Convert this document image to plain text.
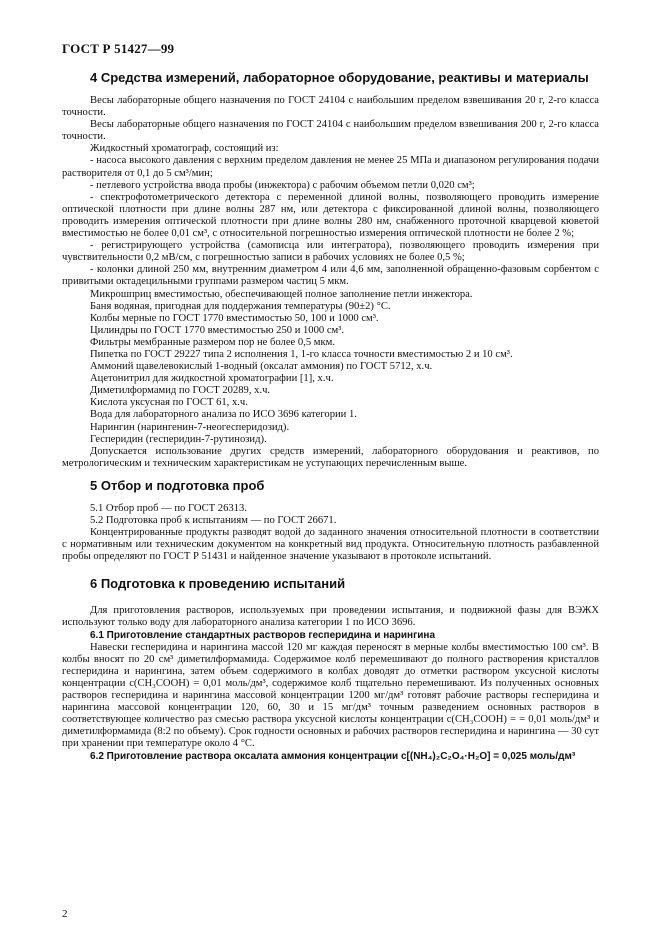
ГОСТ Р 51427—99
4 Средства измерений, лабораторное оборудование, реактивы и материалы

Весы лабораторные общего назначения по ГОСТ 24104 с наибольшим пределом взвешивания 20 г, 2-го класса точности.

Весы лабораторные общего назначения по ГОСТ 24104 с наибольшим пределом взвешивания 200 г, 2-го класса точности.

Жидкостный хроматограф, состоящий из:

- насоса высокого давления с верхним пределом давления не менее 25 МПа и диапазоном регулирования подачи растворителя от 0,1 до 5 см³/мин;

- петлевого устройства ввода пробы (инжектора) с рабочим объемом петли 0,020 см³;

- спектрофотометрического детектора с переменной длиной волны, позволяющего проводить измерение оптической плотности при длине волны 287 нм, или детектора с фиксированной длиной волны, позволяющего проводить измерения оптической плотности при длине волны 280 нм, снабженного проточной кварцевой кюветой вместимостью не более 0,01 см³, с относительной погрешностью измерения оптической плотности не более 2 %;

- регистрирующего устройства (самописца или интегратора), позволяющего проводить измерения при чувствительности 0,2 мВ/см, с погрешностью записи в рабочих условиях не более 0,5 %;

- колонки длиной 250 мм, внутренним диаметром 4 или 4,6 мм, заполненной обращенно-фазовым сорбентом с привитыми октадецильными группами размером частиц 5 мкм.

Микрошприц вместимостью, обеспечивающей полное заполнение петли инжектора.

Баня водяная, пригодная для поддержания температуры (90±2) °С.

Колбы мерные по ГОСТ 1770 вместимостью 50, 100 и 1000 см³.

Цилиндры по ГОСТ 1770 вместимостью 250 и 1000 см³.

Фильтры мембранные размером пор не более 0,5 мкм.

Пипетка по ГОСТ 29227 типа 2 исполнения 1, 1-го класса точности вместимостью 2 и 10 см³.

Аммоний щавелевокислый 1-водный (оксалат аммония) по ГОСТ 5712, х.ч.

Ацетонитрил для жидкостной хроматографии [1], х.ч.

Диметилформамид по ГОСТ 20289, х.ч.

Кислота уксусная по ГОСТ 61, х.ч.

Вода для лабораторного анализа по ИСО 3696 категории 1.

Нарингин (нарингенин-7-неогесперидозид).

Гесперидин (гесперидин-7-рутинозид).

Допускается использование других средств измерений, лабораторного оборудования и реактивов, по метрологическим и техническим характеристикам не уступающих перечисленным выше.

5 Отбор и подготовка проб

5.1 Отбор проб — по ГОСТ 26313.

5.2 Подготовка проб к испытаниям — по ГОСТ 26671.

Концентрированные продукты разводят водой до заданного значения относительной плотности в соответствии с нормативным или техническим документом на конкретный вид продукта. Относительную плотность разбавленной пробы определяют по ГОСТ Р 51431 и найденное значение указывают в протоколе испытаний.

6 Подготовка к проведению испытаний

Для приготовления растворов, используемых при проведении испытания, и подвижной фазы для ВЭЖХ используют только воду для лабораторного анализа категории 1 по ИСО 3696.

6.1 Приготовление стандартных растворов гесперидина и нарингина

Навески гесперидина и нарингина массой 120 мг каждая переносят в мерные колбы вместимостью 100 см³. В колбы вносят по 20 см³ диметилформамида. Содержимое колб перемешивают до полного растворения кристаллов гесперидина и нарингина, затем объем содержимого в колбах доводят до отметки раствором уксусной кислоты концентрации c(CH₃COOH) = 0,01 моль/дм³, содержимое колб тщательно перемешивают. Из полученных основных растворов гесперидина и нарингина массовой концентрации 1200 мг/дм³ готовят рабочие растворы гесперидина и нарингина массовой концентрации 120, 60, 30 и 15 мг/дм³ точным разведением основных растворов в соответствующее количество раз смесью раствора уксусной кислоты концентрации c(CH₃COOH) = = 0,01 моль/дм³ и диметилформамида (8:2 по объему). Срок годности основных и рабочих растворов гесперидина и нарингина — 30 сут при хранении при температуре около 4 °С.

6.2 Приготовление раствора оксалата аммония концентрации c[(NH₄)₂C₂O₄·H₂O] = 0,025 моль/дм³

2
